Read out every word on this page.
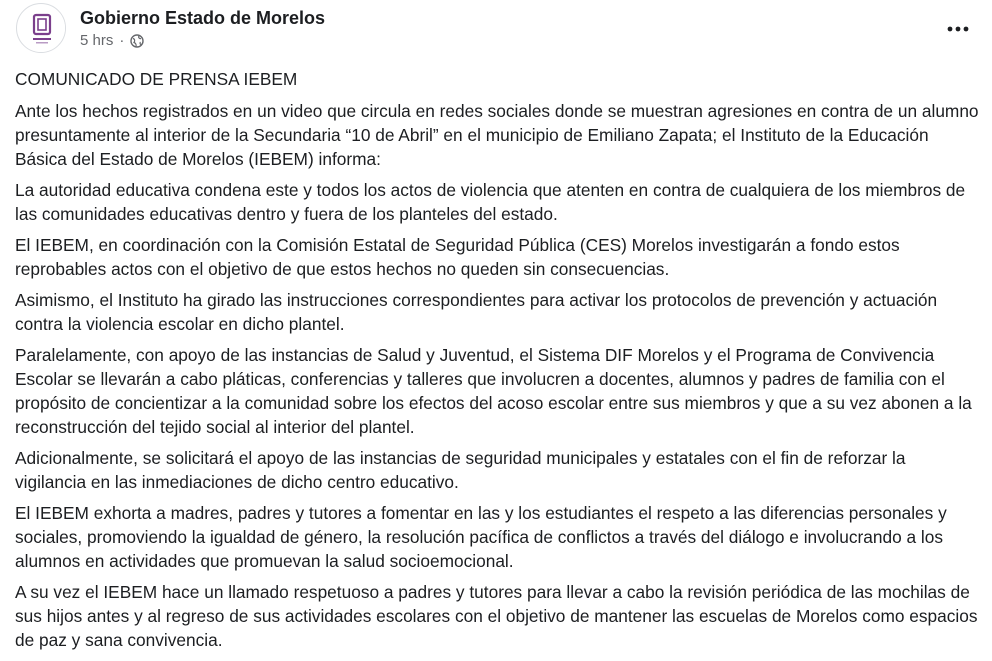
Gobierno Estado de Morelos
5 hrs ·

COMUNICADO DE PRENSA IEBEM

Ante los hechos registrados en un video que circula en redes sociales donde se muestran agresiones en contra de un alumno presuntamente al interior de la Secundaria “10 de Abril” en el municipio de Emiliano Zapata; el Instituto de la Educación Básica del Estado de Morelos (IEBEM) informa:

La autoridad educativa condena este y todos los actos de violencia que atenten en contra de cualquiera de los miembros de las comunidades educativas dentro y fuera de los planteles del estado.

El IEBEM, en coordinación con la Comisión Estatal de Seguridad Pública (CES) Morelos investigarán a fondo estos reprobables actos con el objetivo de que estos hechos no queden sin consecuencias.

Asimismo, el Instituto ha girado las instrucciones correspondientes para activar los protocolos de prevención y actuación contra la violencia escolar en dicho plantel.

Paralelamente, con apoyo de las instancias de Salud y Juventud, el Sistema DIF Morelos y el Programa de Convivencia Escolar se llevarán a cabo pláticas, conferencias y talleres que involucren a docentes, alumnos y padres de familia con el propósito de concientizar a la comunidad sobre los efectos del acoso escolar entre sus miembros y que a su vez abonen a la reconstrucción del tejido social al interior del plantel.

Adicionalmente, se solicitará el apoyo de las instancias de seguridad municipales y estatales con el fin de reforzar la vigilancia en las inmediaciones de dicho centro educativo.

El IEBEM exhorta a madres, padres y tutores a fomentar en las y los estudiantes el respeto a las diferencias personales y sociales, promoviendo la igualdad de género, la resolución pacífica de conflictos a través del diálogo e involucrando a los alumnos en actividades que promuevan la salud socioemocional.

A su vez el IEBEM hace un llamado respetuoso a padres y tutores para llevar a cabo la revisión periódica de las mochilas de sus hijos antes y al regreso de sus actividades escolares con el objetivo de mantener las escuelas de Morelos como espacios de paz y sana convivencia.
